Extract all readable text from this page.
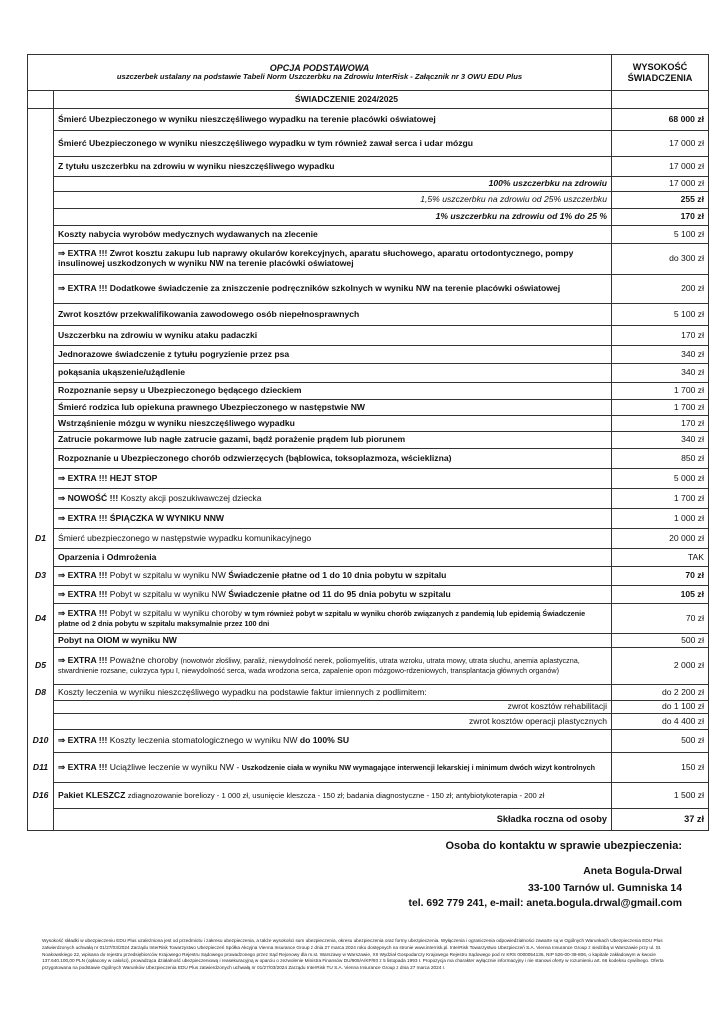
OPCJA PODSTAWOWA
uszczerbek ustalany na podstawie Tabeli Norm Uszczerbku na Zdrowiu InterRisk - Załącznik nr 3 OWU EDU Plus		WYSOKOŚĆ ŚWIADCZENIA
	ŚWIADCZENIE 2024/2025	
	Śmierć Ubezpieczonego w wyniku nieszczęśliwego wypadku na terenie placówki oświatowej	68 000 zł
	Śmierć Ubezpieczonego w wyniku nieszczęśliwego wypadku w tym również zawał serca i udar mózgu	17 000 zł
	Z tytułu uszczerbku na zdrowiu w wyniku nieszczęśliwego wypadku	17 000 zł
	100% uszczerbku na zdrowiu	17 000 zł
	1,5% uszczerbku na zdrowiu od 25% uszczerbku	255 zł
	1% uszczerbku na zdrowiu od 1% do 25 %	170 zł
	Koszty nabycia wyrobów medycznych wydawanych na zlecenie	5 100 zł
	⇒ EXTRA !!! Zwrot kosztu zakupu lub naprawy okularów korekcyjnych, aparatu słuchowego, aparatu ortodontycznego, pompy insulinowej uszkodzonych w wyniku NW na terenie placówki oświatowej	do 300 zł
	⇒ EXTRA !!! Dodatkowe świadczenie za zniszczenie podręczników szkolnych w wyniku NW na terenie placówki oświatowej	200 zł
	Zwrot kosztów przekwalifikowania zawodowego osób niepełnosprawnych	5 100 zł
	Uszczerbku na zdrowiu w wyniku ataku padaczki	170 zł
	Jednorazowe świadczenie z tytułu pogryzienie przez psa	340 zł
	pokąsania ukąszenie/użądlenie	340 zł
	Rozpoznanie sepsy u Ubezpieczonego będącego dzieckiem	1 700 zł
	Śmierć rodzica lub opiekuna prawnego Ubezpieczonego w następstwie NW	1 700 zł
	Wstrząśnienie mózgu w wyniku nieszczęśliwego wypadku	170 zł
	Zatrucie pokarmowe lub nagłe zatrucie gazami, bądź porażenie prądem lub piorunem	340 zł
	Rozpoznanie u Ubezpieczonego chorób odzwierzęcych (bąblowica, toksoplazmoza, wścieklizna)	850 zł
	⇒ EXTRA !!! HEJT STOP	5 000 zł
	⇒ NOWOŚĆ !!! Koszty akcji poszukiwawczej dziecka	1 700 zł
	⇒ EXTRA !!! ŚPIĄCZKA W WYNIKU NNW	1 000 zł
D1	Śmierć ubezpieczonego w następstwie wypadku komunikacyjnego	20 000 zł
	Oparzenia i Odmrożenia	TAK
D3	⇒ EXTRA !!! Pobyt w szpitalu w wyniku NW Świadczenie płatne od 1 do 10 dnia pobytu w szpitalu	70 zł
	⇒ EXTRA !!! Pobyt w szpitalu w wyniku NW Świadczenie płatne od 11 do 95 dnia pobytu w szpitalu	105 zł
D4	⇒ EXTRA !!! Pobyt w szpitalu w wyniku choroby w tym również pobyt w szpitalu w wyniku chorób związanych z pandemią lub epidemią Świadczenie płatne od 2 dnia pobytu w szpitalu maksymalnie przez 100 dni	70 zł
	Pobyt na OIOM w wyniku NW	500 zł
D5	⇒ EXTRA !!! Poważne choroby (nowotwór złośliwy, paraliż, niewydolność nerek, poliomyelitis, utrata wzroku, utrata mowy, utrata słuchu, anemia aplastyczna, stwardnienie rozsane, cukrzyca typu I, niewydolność serca, wada wrodzona serca, zapalenie opon mózgowo-rdzeniowych, transplantacja głównych organów)	2 000 zł
D8	Koszty leczenia w wyniku nieszczęśliwego wypadku na podstawie faktur imiennych z podlimitem:	do 2 200 zł
	zwrot kosztów rehabilitacji	do 1 100 zł
	zwrot kosztów operacji plastycznych	do 4 400 zł
D10	⇒ EXTRA !!! Koszty leczenia stomatologicznego w wyniku NW do 100% SU	500 zł
D11	⇒ EXTRA !!! Uciążliwe leczenie w wyniku NW - Uszkodzenie ciała w wyniku NW wymagające interwencji lekarskiej i minimum dwóch wizyt kontrolnych	150 zł
D16	Pakiet KLESZCZ zdiagnozowanie boreliozy - 1 000 zł, usunięcie kleszcza - 150 zł; badania diagnostyczne - 150 zł; antybiotykoterapia - 200 zł	1 500 zł
	Składka roczna od osoby	37 zł
Osoba do kontaktu w sprawie ubezpieczenia:
Aneta Bogula-Drwal
33-100 Tarnów ul. Gumniska 14
tel. 692 779 241, e-mail: aneta.bogula.drwal@gmail.com
Wysokość składki w ubezpieczeniu EDU Plus uzależniona jest od przedmiotu i zakresu ubezpieczenia, a także wysokości sum ubezpieczenia, okresu ubezpieczenia oraz formy ubezpieczenia. Wyłączenia i ograniczenia odpowiedzialności zawarte są w Ogólnych Warunkach Ubezpieczenia EDU Plus zatwierdzonych uchwałą nr 01/27/03/2024 Zarządu InterRisk Towarzystwo Ubezpieczeń Spółka Akcyjna Vienna Insurance Group z dnia 27 marca 2024 roku dostępnych na stronie www.interrisk.pl. InterRisk Towarzystwo Ubezpieczeń S.A. Vienna Insurance Group z siedzibą w Warszawie przy ul. St. Noakowskiego 22, wpisana do rejestru przedsiębiorców Krajowego Rejestru Sądowego prowadzonego przez Sąd Rejonowy dla m.st. Warszawy w Warszawie, XII Wydział Gospodarczy Krajowego Rejestru Sądowego pod nr KRS 0000054136, NIP 526-00-38-806, o kapitale zakładowym w kwocie 137.640.100,00 PLN (opłacony w całości), prowadząca działalność ubezpieczeniową i reasekuracyjną w oparciu o zezwolenie Ministra Finansów DU/905/A/KP/93 z 5 listopada 1993 r. Propozycja ma charakter wyłącznie informacyjny i nie stanowi oferty w rozumieniu art. 66 kodeksu cywilnego. Oferta przygotowana na podstawie Ogólnych Warunków Ubezpieczenia EDU Plus zatwierdzonych uchwałą nr 01/27/03/2024 Zarządu InterRisk TU S.A. Vienna Insurance Group z dnia 27 marca 2024 r.
